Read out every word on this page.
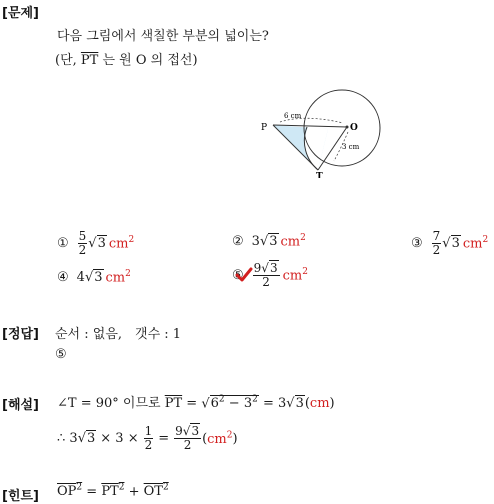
[문제]
다음 그림에서 색칠한 부분의 넓이는?
(단, $\overline{PT}$ 는 원 O 의 접선)
P	O
T
6 cm
3 cm
① $\frac{5}{2} √3$ $cm^2$	② 3 √3 $cm^2$	③ $\frac{7}{2} √3$ $cm^2$
④ 4 √3 $cm^2$	⑤ $\frac{9√3}{2} cm^2$
[정답] 순서 : 없음,　갯수 : 1
⑤
[해설] ∠T = 90° 이므로 $\overline{PT} = √6^2 - 3^2 = 3√3(cm)$
∴ 3 $√3 \times 3 \times \frac{1}{2} = \frac{9√3}{2} (cm^2)$
[힌트] $OP^2 = PT^2 + OT^2$
